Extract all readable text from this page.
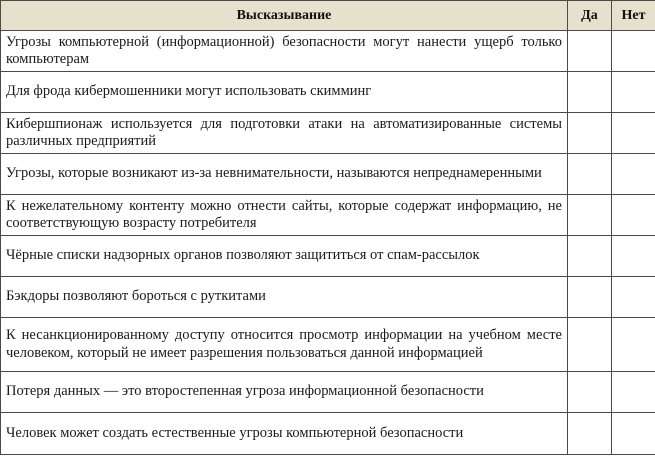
Высказывание	Да	Нет
Угрозы компьютерной (информационной) безопасности могут нанести ущерб только компьютерам		
Для фрода кибермошенники могут использовать скимминг		
Кибершпионаж используется для подготовки атаки на автоматизированные системы различных предприятий		
Угрозы, которые возникают из-за невнимательности, называются непреднамеренными		
К нежелательному контенту можно отнести сайты, которые содержат информацию, не соответствующую возрасту потребителя		
Чёрные списки надзорных органов позволяют защититься от спам-рассылок		
Бэкдоры позволяют бороться с руткитами		
К несанкционированному доступу относится просмотр информации на учебном месте человеком, который не имеет разрешения пользоваться данной информацией		
Потеря данных — это второстепенная угроза информационной безопасности		
Человек может создать естественные угрозы компьютерной безопасности		
